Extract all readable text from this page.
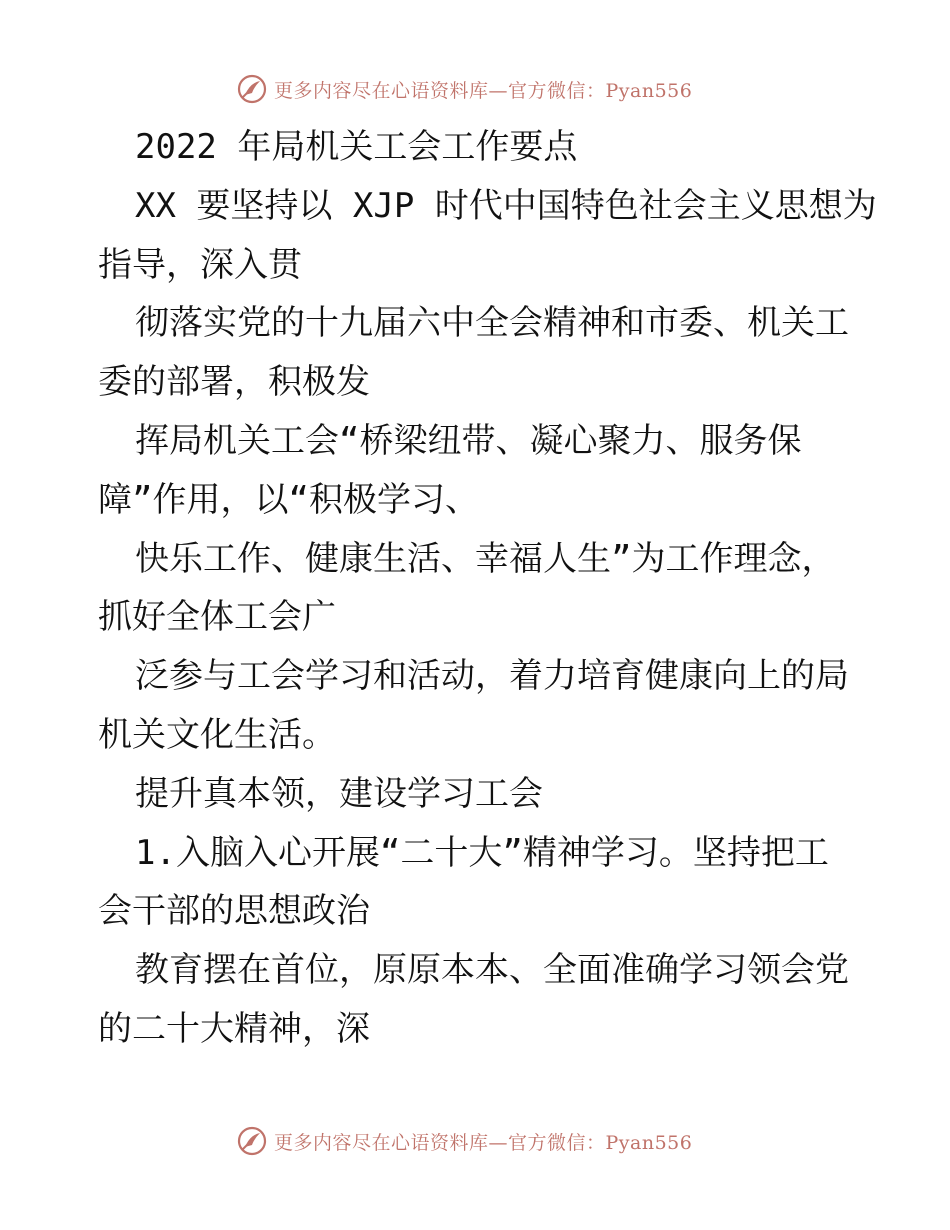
更多内容尽在心语资料库—官方微信：Pyan556
2022 年局机关工会工作要点
XX 要坚持以 XJP 时代中国特色社会主义思想为
指导，深入贯
彻落实党的十九届六中全会精神和市委、机关工
委的部署，积极发
挥局机关工会“桥梁纽带、凝心聚力、服务保
障”作用，以“积极学习、
快乐工作、健康生活、幸福人生”为工作理念，
抓好全体工会广
泛参与工会学习和活动，着力培育健康向上的局
机关文化生活。
提升真本领，建设学习工会
1.入脑入心开展“二十大”精神学习。坚持把工
会干部的思想政治
教育摆在首位，原原本本、全面准确学习领会党
的二十大精神，深
更多内容尽在心语资料库—官方微信：Pyan556
